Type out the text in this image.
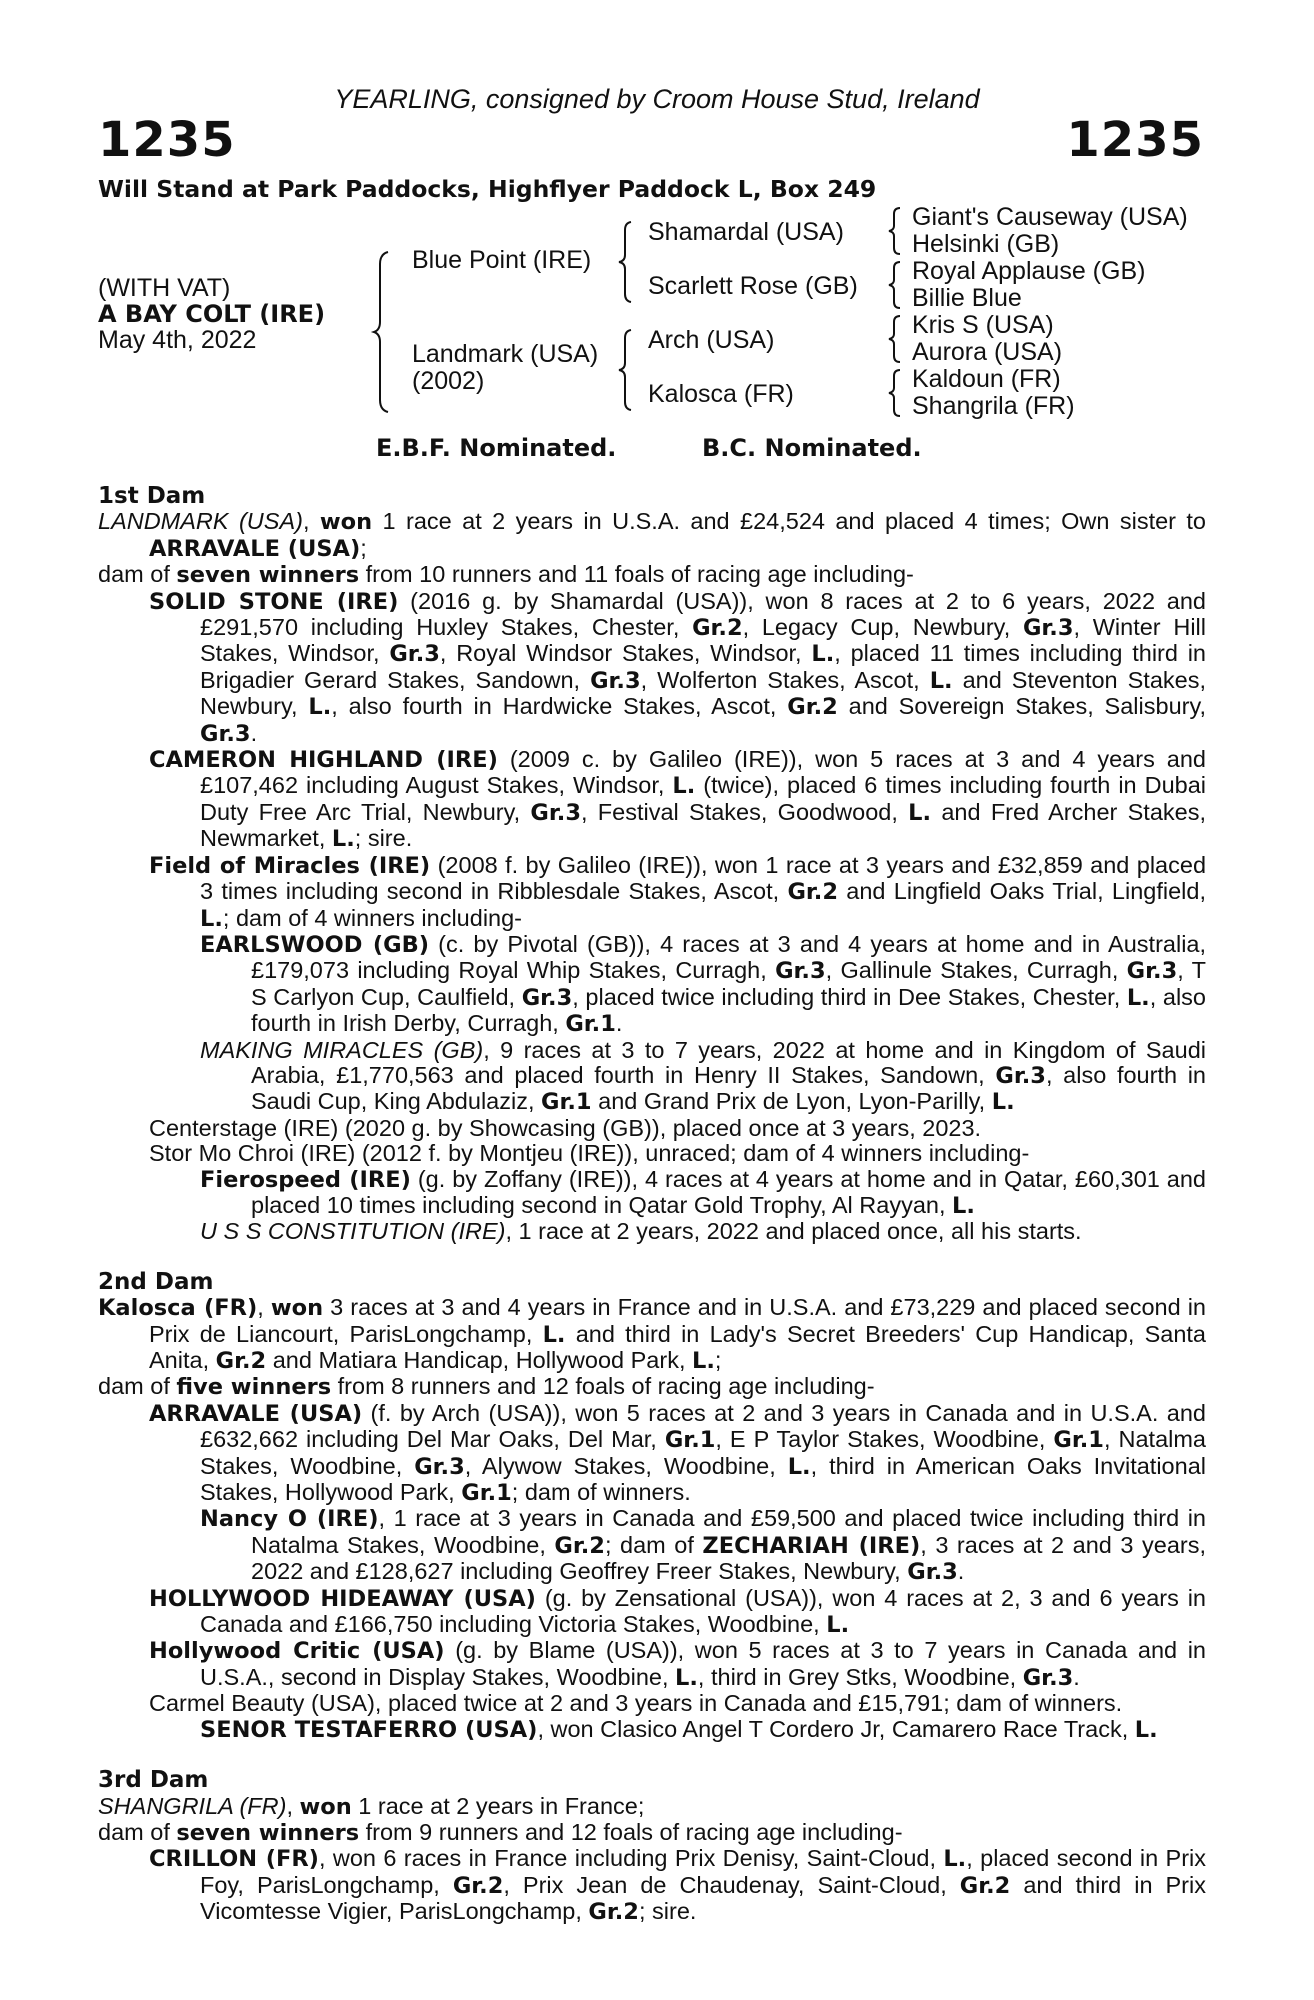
YEARLING, consigned by Croom House Stud, Ireland
1235	1235
Will Stand at Park Paddocks, Highflyer Paddock L, Box 249
(WITH VAT)
A BAY COLT (IRE)
May 4th, 2022
Blue Point (IRE)
Landmark (USA)
(2002)
Shamardal (USA)
Scarlett Rose (GB)
Arch (USA)
Kalosca (FR)
Giant's Causeway (USA)
Helsinki (GB)
Royal Applause (GB)
Billie Blue
Kris S (USA)
Aurora (USA)
Kaldoun (FR)
Shangrila (FR)
E.B.F. Nominated.	B.C. Nominated.
1st Dam
LANDMARK (USA), won 1 race at 2 years in U.S.A. and £24,524 and placed 4 times; Own sister to ARRAVALE (USA);
dam of seven winners from 10 runners and 11 foals of racing age including-
SOLID STONE (IRE) (2016 g. by Shamardal (USA)), won 8 races at 2 to 6 years, 2022 and £291,570 including Huxley Stakes, Chester, Gr.2, Legacy Cup, Newbury, Gr.3, Winter Hill Stakes, Windsor, Gr.3, Royal Windsor Stakes, Windsor, L., placed 11 times including third in Brigadier Gerard Stakes, Sandown, Gr.3, Wolferton Stakes, Ascot, L. and Steventon Stakes, Newbury, L., also fourth in Hardwicke Stakes, Ascot, Gr.2 and Sovereign Stakes, Salisbury, Gr.3.
CAMERON HIGHLAND (IRE) (2009 c. by Galileo (IRE)), won 5 races at 3 and 4 years and £107,462 including August Stakes, Windsor, L. (twice), placed 6 times including fourth in Dubai Duty Free Arc Trial, Newbury, Gr.3, Festival Stakes, Goodwood, L. and Fred Archer Stakes, Newmarket, L.; sire.
Field of Miracles (IRE) (2008 f. by Galileo (IRE)), won 1 race at 3 years and £32,859 and placed 3 times including second in Ribblesdale Stakes, Ascot, Gr.2 and Lingfield Oaks Trial, Lingfield, L.; dam of 4 winners including-
EARLSWOOD (GB) (c. by Pivotal (GB)), 4 races at 3 and 4 years at home and in Australia, £179,073 including Royal Whip Stakes, Curragh, Gr.3, Gallinule Stakes, Curragh, Gr.3, T S Carlyon Cup, Caulfield, Gr.3, placed twice including third in Dee Stakes, Chester, L., also fourth in Irish Derby, Curragh, Gr.1.
MAKING MIRACLES (GB), 9 races at 3 to 7 years, 2022 at home and in Kingdom of Saudi Arabia, £1,770,563 and placed fourth in Henry II Stakes, Sandown, Gr.3, also fourth in Saudi Cup, King Abdulaziz, Gr.1 and Grand Prix de Lyon, Lyon-Parilly, L.
Centerstage (IRE) (2020 g. by Showcasing (GB)), placed once at 3 years, 2023.
Stor Mo Chroi (IRE) (2012 f. by Montjeu (IRE)), unraced; dam of 4 winners including-
Fierospeed (IRE) (g. by Zoffany (IRE)), 4 races at 4 years at home and in Qatar, £60,301 and placed 10 times including second in Qatar Gold Trophy, Al Rayyan, L.
U S S CONSTITUTION (IRE), 1 race at 2 years, 2022 and placed once, all his starts.
2nd Dam
Kalosca (FR), won 3 races at 3 and 4 years in France and in U.S.A. and £73,229 and placed second in Prix de Liancourt, ParisLongchamp, L. and third in Lady's Secret Breeders' Cup Handicap, Santa Anita, Gr.2 and Matiara Handicap, Hollywood Park, L.;
dam of five winners from 8 runners and 12 foals of racing age including-
ARRAVALE (USA) (f. by Arch (USA)), won 5 races at 2 and 3 years in Canada and in U.S.A. and £632,662 including Del Mar Oaks, Del Mar, Gr.1, E P Taylor Stakes, Woodbine, Gr.1, Natalma Stakes, Woodbine, Gr.3, Alywow Stakes, Woodbine, L., third in American Oaks Invitational Stakes, Hollywood Park, Gr.1; dam of winners.
Nancy O (IRE), 1 race at 3 years in Canada and £59,500 and placed twice including third in Natalma Stakes, Woodbine, Gr.2; dam of ZECHARIAH (IRE), 3 races at 2 and 3 years, 2022 and £128,627 including Geoffrey Freer Stakes, Newbury, Gr.3.
HOLLYWOOD HIDEAWAY (USA) (g. by Zensational (USA)), won 4 races at 2, 3 and 6 years in Canada and £166,750 including Victoria Stakes, Woodbine, L.
Hollywood Critic (USA) (g. by Blame (USA)), won 5 races at 3 to 7 years in Canada and in U.S.A., second in Display Stakes, Woodbine, L., third in Grey Stks, Woodbine, Gr.3.
Carmel Beauty (USA), placed twice at 2 and 3 years in Canada and £15,791; dam of winners.
SENOR TESTAFERRO (USA), won Clasico Angel T Cordero Jr, Camarero Race Track, L.
3rd Dam
SHANGRILA (FR), won 1 race at 2 years in France;
dam of seven winners from 9 runners and 12 foals of racing age including-
CRILLON (FR), won 6 races in France including Prix Denisy, Saint-Cloud, L., placed second in Prix Foy, ParisLongchamp, Gr.2, Prix Jean de Chaudenay, Saint-Cloud, Gr.2 and third in Prix Vicomtesse Vigier, ParisLongchamp, Gr.2; sire.
